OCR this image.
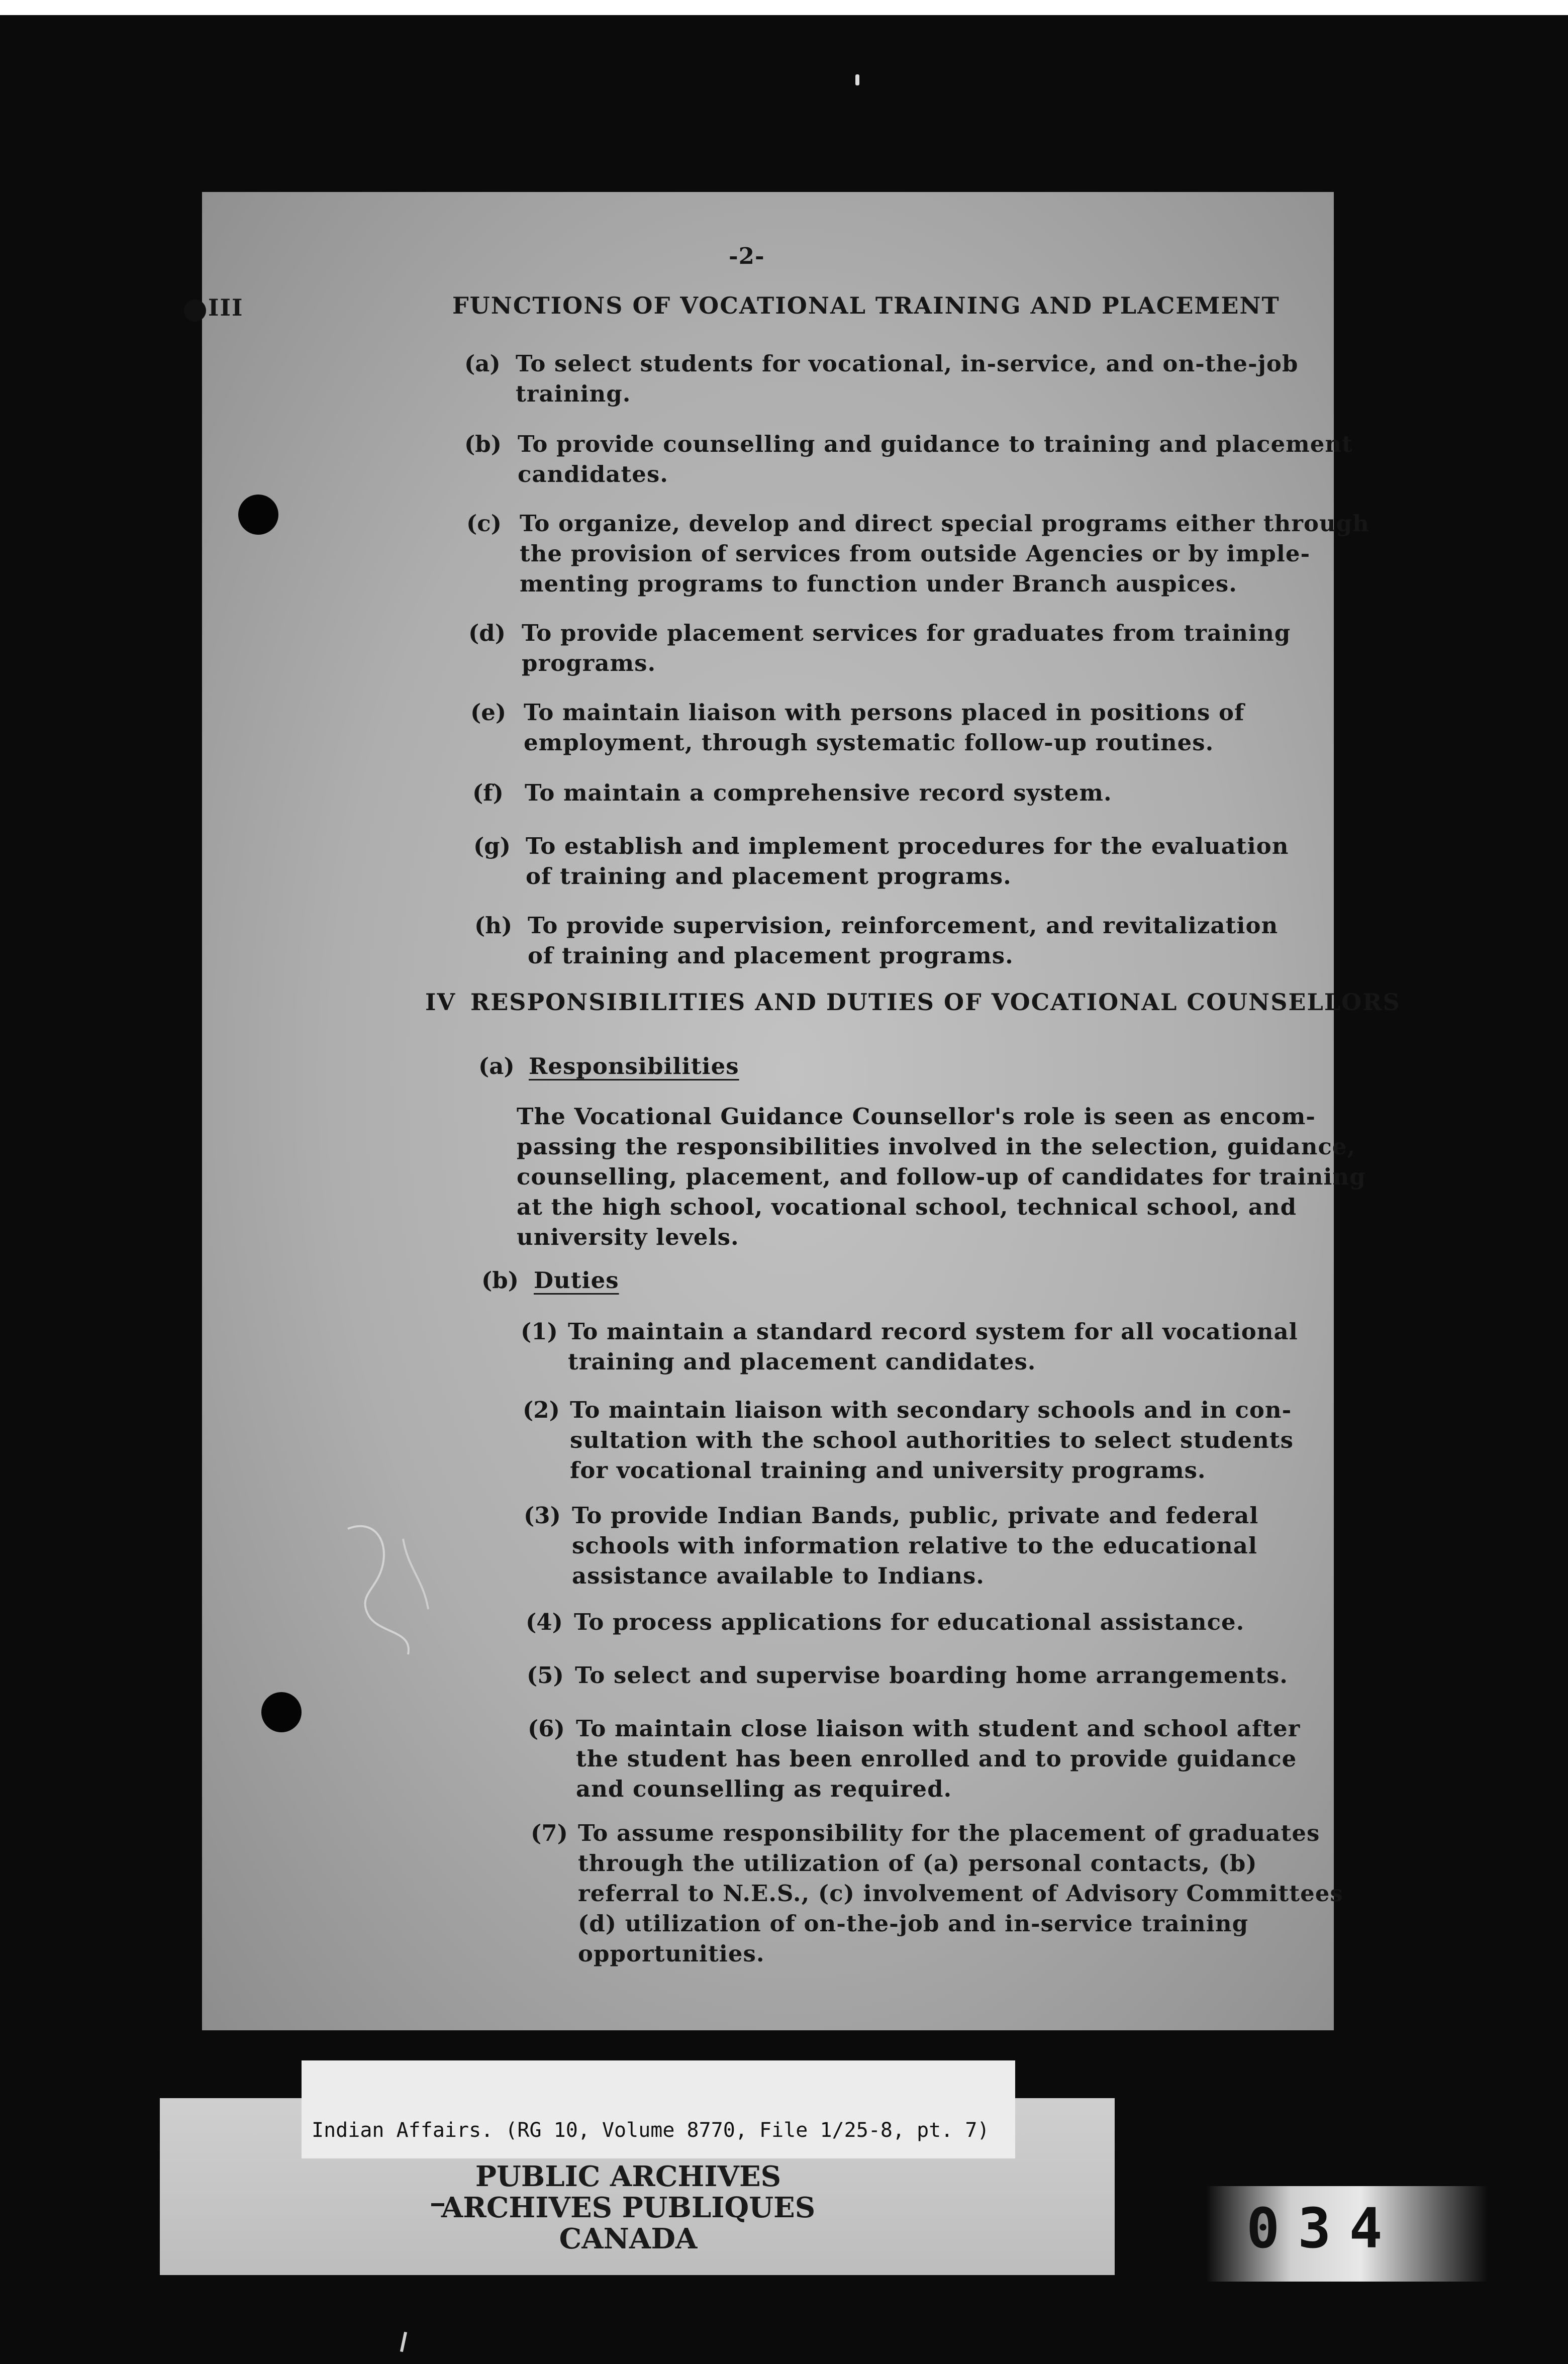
-2-
III	FUNCTIONS OF VOCATIONAL TRAINING AND PLACEMENT
(a) To select students for vocational, in-service, and on-the-job
training.
(b) To provide counselling and guidance to training and placement
candidates.
(c) To organize, develop and direct special programs either through
the provision of services from outside Agencies or by imple-
menting programs to function under Branch auspices.
(d) To provide placement services for graduates from training
programs.
(e) To maintain liaison with persons placed in positions of
employment, through systematic follow-up routines.
(f) To maintain a comprehensive record system.
(g) To establish and implement procedures for the evaluation
of training and placement programs.
(h) To provide supervision, reinforcement, and revitalization
of training and placement programs.
IV RESPONSIBILITIES AND DUTIES OF VOCATIONAL COUNSELLORS
(a) Responsibilities
The Vocational Guidance Counsellor's role is seen as encom-
passing the responsibilities involved in the selection, guidance,
counselling, placement, and follow-up of candidates for training
at the high school, vocational school, technical school, and
university levels.
(b) Duties
(1) To maintain a standard record system for all vocational
training and placement candidates.
(2) To maintain liaison with secondary schools and in con-
sultation with the school authorities to select students
for vocational training and university programs.
(3) To provide Indian Bands, public, private and federal
schools with information relative to the educational
assistance available to Indians.
(4) To process applications for educational assistance.
(5) To select and supervise boarding home arrangements.
(6) To maintain close liaison with student and school after
the student has been enrolled and to provide guidance
and counselling as required.
(7) To assume responsibility for the placement of graduates
through the utilization of (a) personal contacts, (b)
referral to N.E.S., (c) involvement of Advisory Committees
(d) utilization of on-the-job and in-service training
opportunities.
Indian Affairs. (RG 10, Volume 8770, File 1/25-8, pt. 7)
PUBLIC ARCHIVES
ARCHIVES PUBLIQUES
CANADA	034
